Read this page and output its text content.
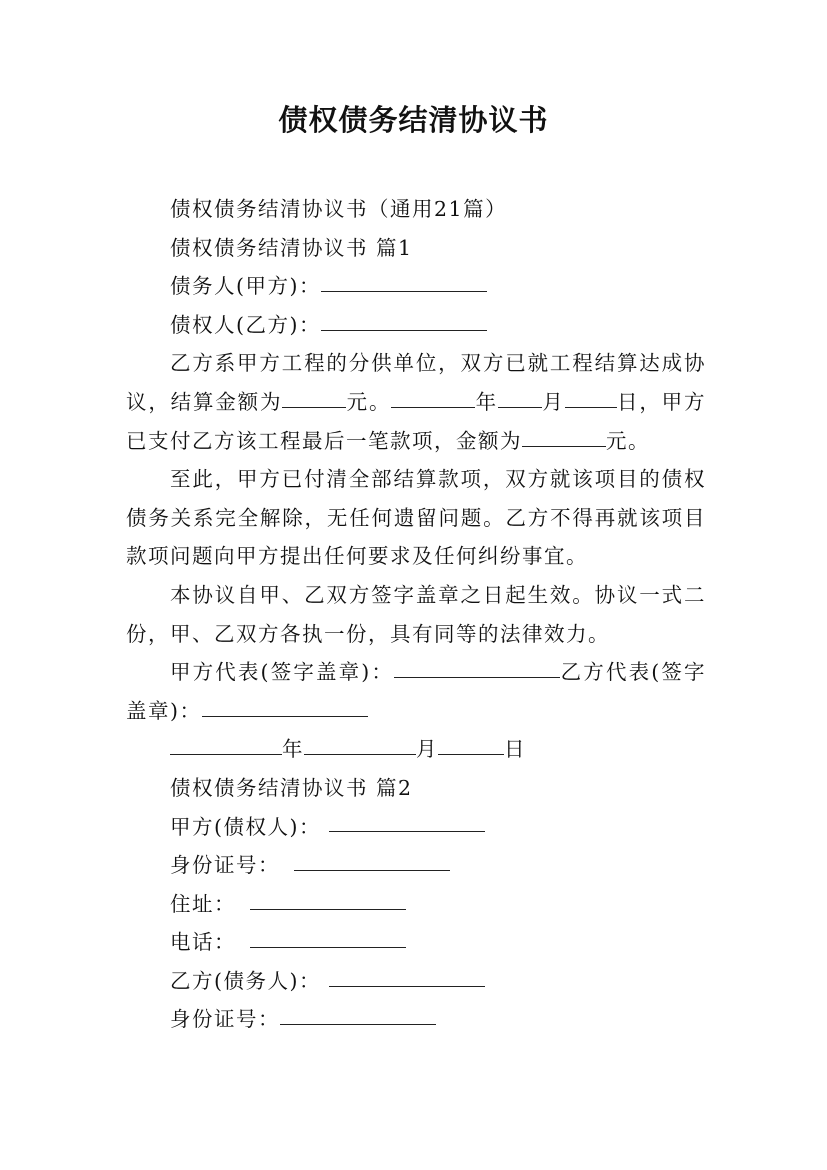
债权债务结清协议书

债权债务结清协议书（通用21篇）

债权债务结清协议书 篇1

债务人(甲方)：

债权人(乙方)：

乙方系甲方工程的分供单位，双方已就工程结算达成协议，结算金额为	元。	年 月	日，甲方已支付乙方该工程最后一笔款项，金额为	元。

至此，甲方已付清全部结算款项，双方就该项目的债权债务关系完全解除，无任何遗留问题。乙方不得再就该项目款项问题向甲方提出任何要求及任何纠纷事宜。

本协议自甲、乙双方签字盖章之日起生效。协议一式二份，甲、乙双方各执一份，具有同等的法律效力。

甲方代表(签字盖章)：	乙方代表(签字盖章)：

年	月	日

债权债务结清协议书 篇2

甲方(债权人)：

身份证号：

住址：

电话：

乙方(债务人)：

身份证号：
